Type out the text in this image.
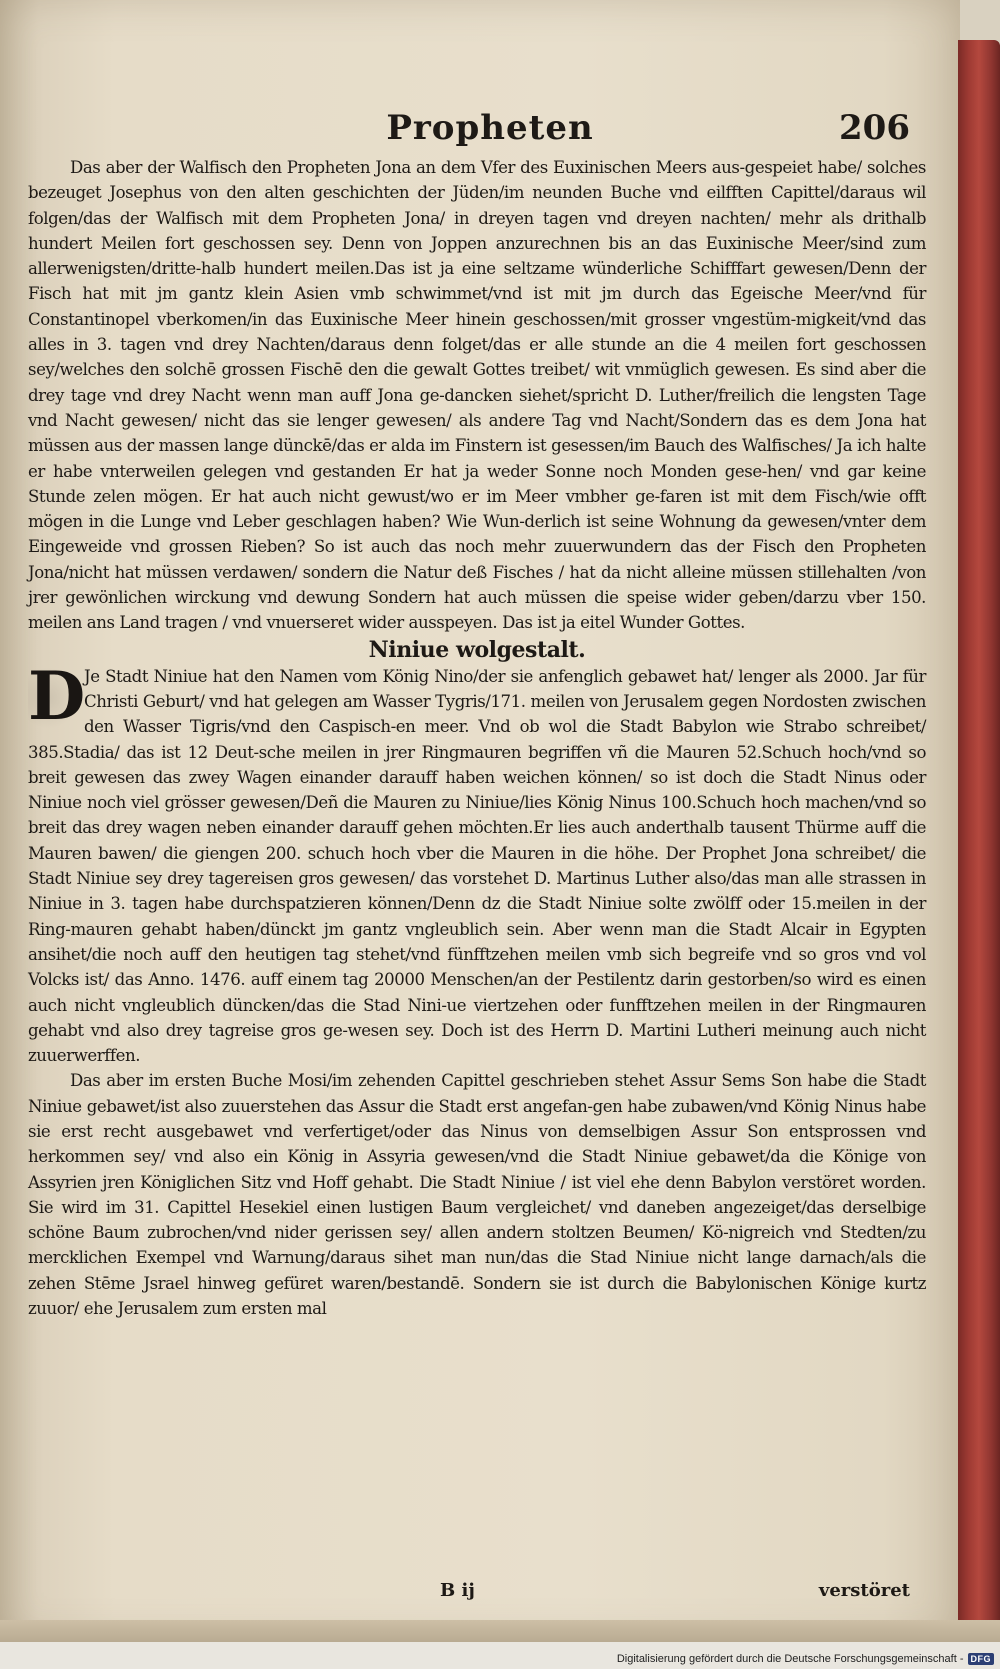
Propheten	206

Das aber der Walfisch den Propheten Jona an dem Vfer des Euxinischen Meers aus-gespeiet habe/ solches bezeuget Josephus von den alten geschichten der Jüden/im neunden Buche vnd eilfften Capittel/daraus wil folgen/das der Walfisch mit dem Propheten Jona/ in dreyen tagen vnd dreyen nachten/ mehr als drithalb hundert Meilen fort geschossen sey. Denn von Joppen anzurechnen bis an das Euxinische Meer/sind zum allerwenigsten/dritte-halb hundert meilen.Das ist ja eine seltzame wünderliche Schifffart gewesen/Denn der Fisch hat mit jm gantz klein Asien vmb schwimmet/vnd ist mit jm durch das Egeische Meer/vnd für Constantinopel vberkomen/in das Euxinische Meer hinein geschossen/mit grosser vngestüm-migkeit/vnd das alles in 3. tagen vnd drey Nachten/daraus denn folget/das er alle stunde an die 4 meilen fort geschossen sey/welches den solchē grossen Fischē den die gewalt Gottes treibet/ wit vnmüglich gewesen. Es sind aber die drey tage vnd drey Nacht wenn man auff Jona ge-dancken siehet/spricht D. Luther/freilich die lengsten Tage vnd Nacht gewesen/ nicht das sie lenger gewesen/ als andere Tag vnd Nacht/Sondern das es dem Jona hat müssen aus der massen lange dünckē/das er alda im Finstern ist gesessen/im Bauch des Walfisches/ Ja ich halte er habe vnterweilen gelegen vnd gestanden Er hat ja weder Sonne noch Monden gese-hen/ vnd gar keine Stunde zelen mögen. Er hat auch nicht gewust/wo er im Meer vmbher ge-faren ist mit dem Fisch/wie offt mögen in die Lunge vnd Leber geschlagen haben? Wie Wun-derlich ist seine Wohnung da gewesen/vnter dem Eingeweide vnd grossen Rieben? So ist auch das noch mehr zuuerwundern das der Fisch den Propheten Jona/nicht hat müssen verdawen/ sondern die Natur deß Fisches / hat da nicht alleine müssen stillehalten /von jrer gewönlichen wirckung vnd dewung Sondern hat auch müssen die speise wider geben/darzu vber 150. meilen ans Land tragen / vnd vnuerseret wider ausspeyen. Das ist ja eitel Wunder Gottes.

Niniue wolgestalt.

D Je Stadt Niniue hat den Namen vom König Nino/der sie anfenglich gebawet hat/ lenger als 2000. Jar für Christi Geburt/ vnd hat gelegen am Wasser Tygris/171. meilen von Jerusalem gegen Nordosten zwischen den Wasser Tigris/vnd den Caspisch-en meer. Vnd ob wol die Stadt Babylon wie Strabo schreibet/ 385.Stadia/ das ist 12 Deut-sche meilen in jrer Ringmauren begriffen vñ die Mauren 52.Schuch hoch/vnd so breit gewesen das zwey Wagen einander darauff haben weichen können/ so ist doch die Stadt Ninus oder Niniue noch viel grösser gewesen/Deñ die Mauren zu Niniue/lies König Ninus 100.Schuch hoch machen/vnd so breit das drey wagen neben einander darauff gehen möchten.Er lies auch anderthalb tausent Thürme auff die Mauren bawen/ die giengen 200. schuch hoch vber die Mauren in die höhe. Der Prophet Jona schreibet/ die Stadt Niniue sey drey tagereisen gros gewesen/ das vorstehet D. Martinus Luther also/das man alle strassen in Niniue in 3. tagen habe durchspatzieren können/Denn dz die Stadt Niniue solte zwölff oder 15.meilen in der Ring-mauren gehabt haben/dünckt jm gantz vngleublich sein. Aber wenn man die Stadt Alcair in Egypten ansihet/die noch auff den heutigen tag stehet/vnd fünfftzehen meilen vmb sich begreife vnd so gros vnd vol Volcks ist/ das Anno. 1476. auff einem tag 20000 Menschen/an der Pestilentz darin gestorben/so wird es einen auch nicht vngleublich düncken/das die Stad Nini-ue viertzehen oder funfftzehen meilen in der Ringmauren gehabt vnd also drey tagreise gros ge-wesen sey. Doch ist des Herrn D. Martini Lutheri meinung auch nicht zuuerwerffen.

Das aber im ersten Buche Mosi/im zehenden Capittel geschrieben stehet Assur Sems Son habe die Stadt Niniue gebawet/ist also zuuerstehen das Assur die Stadt erst angefan-gen habe zubawen/vnd König Ninus habe sie erst recht ausgebawet vnd verfertiget/oder das Ninus von demselbigen Assur Son entsprossen vnd herkommen sey/ vnd also ein König in Assyria gewesen/vnd die Stadt Niniue gebawet/da die Könige von Assyrien jren Königlichen Sitz vnd Hoff gehabt. Die Stadt Niniue / ist viel ehe denn Babylon verstöret worden. Sie wird im 31. Capittel Hesekiel einen lustigen Baum vergleichet/ vnd daneben angezeiget/das derselbige schöne Baum zubrochen/vnd nider gerissen sey/ allen andern stoltzen Beumen/ Kö-nigreich vnd Stedten/zu mercklichen Exempel vnd Warnung/daraus sihet man nun/das die Stad Niniue nicht lange darnach/als die zehen Stēme Jsrael hinweg gefüret waren/bestandē. Sondern sie ist durch die Babylonischen Könige kurtz zuuor/ ehe Jerusalem zum ersten mal

B ij	verstöret
Digitalisierung gefördert durch die Deutsche Forschungsgemeinschaft - DFG
